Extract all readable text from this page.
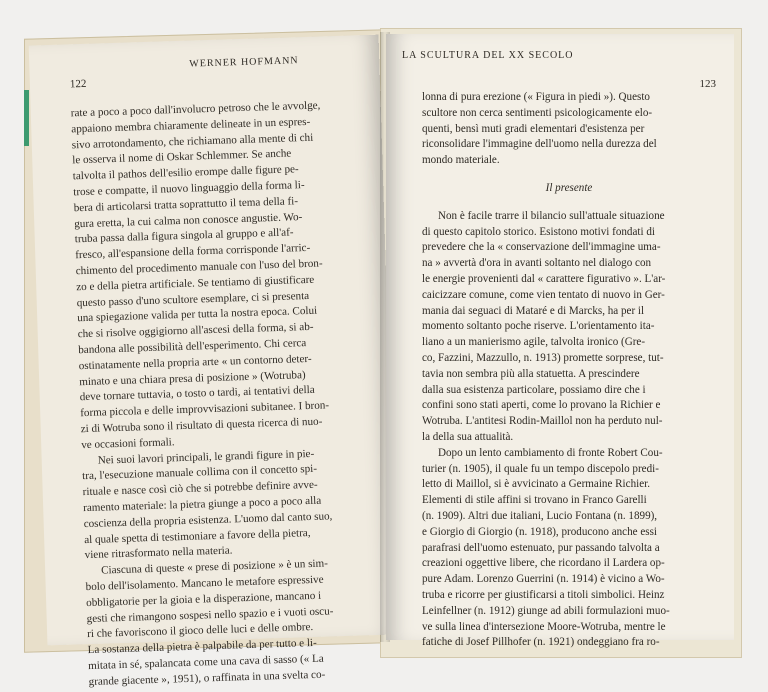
122
WERNER HOFMANN
rate a poco a poco dall'involucro petroso che le avvolge,
appaiono membra chiaramente delineate in un espres-
sivo arrotondamento, che richiamano alla mente di chi
le osserva il nome di Oskar Schlemmer. Se anche
talvolta il pathos dell'esilio erompe dalle figure pe-
trose e compatte, il nuovo linguaggio della forma li-
bera di articolarsi tratta soprattutto il tema della fi-
gura eretta, la cui calma non conosce angustie. Wo-
truba passa dalla figura singola al gruppo e all'af-
fresco, all'espansione della forma corrisponde l'arric-
chimento del procedimento manuale con l'uso del bron-
zo e della pietra artificiale. Se tentiamo di giustificare
questo passo d'uno scultore esemplare, ci si presenta
una spiegazione valida per tutta la nostra epoca. Colui
che si risolve oggigiorno all'ascesi della forma, si ab-
bandona alle possibilità dell'esperimento. Chi cerca
ostinatamente nella propria arte « un contorno deter-
minato e una chiara presa di posizione » (Wotruba)
deve tornare tuttavia, o tosto o tardi, ai tentativi della
forma piccola e delle improvvisazioni subitanee. I bron-
zi di Wotruba sono il risultato di questa ricerca di nuo-
ve occasioni formali.
Nei suoi lavori principali, le grandi figure in pie-
tra, l'esecuzione manuale collima con il concetto spi-
rituale e nasce così ciò che si potrebbe definire avve-
ramento materiale: la pietra giunge a poco a poco alla
coscienza della propria esistenza. L'uomo dal canto suo,
al quale spetta di testimoniare a favore della pietra,
viene ritrasformato nella materia.
Ciascuna di queste « prese di posizione » è un sim-
bolo dell'isolamento. Mancano le metafore espressive
obbligatorie per la gioia e la disperazione, mancano i
gesti che rimangono sospesi nello spazio e i vuoti oscu-
ri che favoriscono il gioco delle luci e delle ombre.
La sostanza della pietra è palpabile da per tutto e li-
mitata in sé, spalancata come una cava di sasso (« La
grande giacente », 1951), o raffinata in una svelta co-
LA SCULTURA DEL XX SECOLO
123
lonna di pura erezione (« Figura in piedi »). Questo
scultore non cerca sentimenti psicologicamente elo-
quenti, bensì muti gradi elementari d'esistenza per
riconsolidare l'immagine dell'uomo nella durezza del
mondo materiale.
Il presente
Non è facile trarre il bilancio sull'attuale situazione
di questo capitolo storico. Esistono motivi fondati di
prevedere che la « conservazione dell'immagine uma-
na » avvertà d'ora in avanti soltanto nel dialogo con
le energie provenienti dal « carattere figurativo ». L'ar-
caicizzare comune, come vien tentato di nuovo in Ger-
mania dai seguaci di Mataré e di Marcks, ha per il
momento soltanto poche riserve. L'orientamento ita-
liano a un manierismo agile, talvolta ironico (Gre-
co, Fazzini, Mazzullo, n. 1913) promette sorprese, tut-
tavia non sembra più alla statuetta. A prescindere
dalla sua esistenza particolare, possiamo dire che i
confini sono stati aperti, come lo provano la Richier e
Wotruba. L'antitesi Rodin-Maillol non ha perduto nul-
la della sua attualità.
Dopo un lento cambiamento di fronte Robert Cou-
turier (n. 1905), il quale fu un tempo discepolo predi-
letto di Maillol, si è avvicinato a Germaine Richier.
Elementi di stile affini si trovano in Franco Garelli
(n. 1909). Altri due italiani, Lucio Fontana (n. 1899),
e Giorgio di Giorgio (n. 1918), producono anche essi
parafrasi dell'uomo estenuato, pur passando talvolta a
creazioni oggettive libere, che ricordano il Lardera op-
pure Adam. Lorenzo Guerrini (n. 1914) è vicino a Wo-
truba e ricorre per giustificarsi a titoli simbolici. Heinz
Leinfellner (n. 1912) giunge ad abili formulazioni muo-
ve sulla linea d'intersezione Moore-Wotruba, mentre le
fatiche di Josef Pillhofer (n. 1921) ondeggiano fra ro-
